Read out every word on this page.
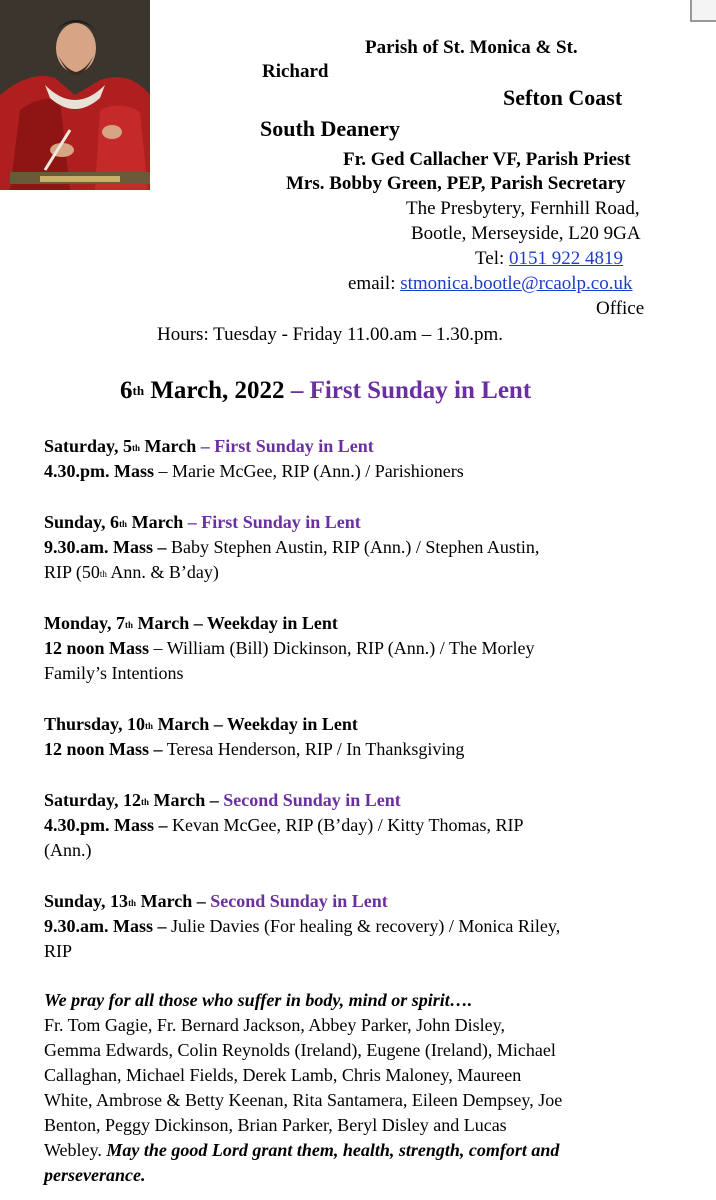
Parish of St. Monica & St.
Richard
Sefton Coast
South Deanery
Fr. Ged Callacher VF, Parish Priest
Mrs. Bobby Green, PEP, Parish Secretary
The Presbytery, Fernhill Road,
Bootle, Merseyside, L20 9GA
Tel: 0151 922 4819
email: stmonica.bootle@rcaolp.co.uk
Office
Hours: Tuesday - Friday 11.00.am – 1.30.pm.
6th March, 2022 – First Sunday in Lent
Saturday, 5th March – First Sunday in Lent
4.30.pm. Mass – Marie McGee, RIP (Ann.) / Parishioners
Sunday, 6th March – First Sunday in Lent
9.30.am. Mass – Baby Stephen Austin, RIP (Ann.) / Stephen Austin,
RIP (50th Ann. & B’day)
Monday, 7th March – Weekday in Lent
12 noon Mass – William (Bill) Dickinson, RIP (Ann.) / The Morley
Family’s Intentions
Thursday, 10th March – Weekday in Lent
12 noon Mass – Teresa Henderson, RIP / In Thanksgiving
Saturday, 12th March – Second Sunday in Lent
4.30.pm. Mass – Kevan McGee, RIP (B’day) / Kitty Thomas, RIP
(Ann.)
Sunday, 13th March – Second Sunday in Lent
9.30.am. Mass – Julie Davies (For healing & recovery) / Monica Riley,
RIP
We pray for all those who suffer in body, mind or spirit….
Fr. Tom Gagie, Fr. Bernard Jackson, Abbey Parker, John Disley,
Gemma Edwards, Colin Reynolds (Ireland), Eugene (Ireland), Michael
Callaghan, Michael Fields, Derek Lamb, Chris Maloney, Maureen
White, Ambrose & Betty Keenan, Rita Santamera, Eileen Dempsey, Joe
Benton, Peggy Dickinson, Brian Parker, Beryl Disley and Lucas
Webley. May the good Lord grant them, health, strength, comfort and
perseverance.
